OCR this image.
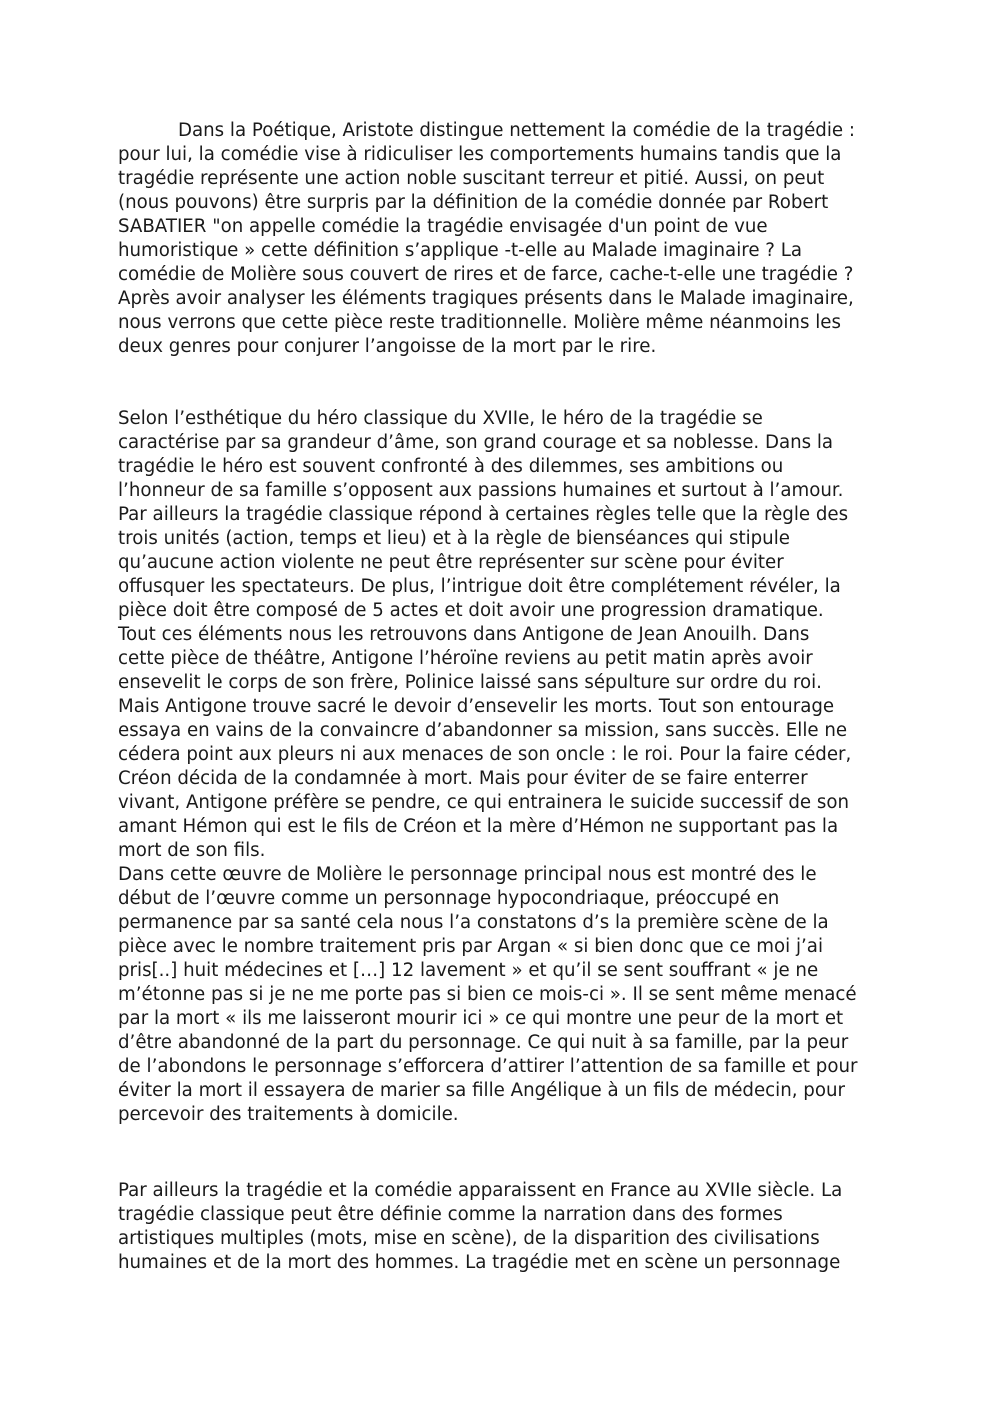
Dans la Poétique, Aristote distingue nettement la comédie de la tragédie :
pour lui, la comédie vise à ridiculiser les comportements humains tandis que la
tragédie représente une action noble suscitant terreur et pitié. Aussi, on peut
(nous pouvons) être surpris par la définition de la comédie donnée par Robert
SABATIER "on appelle comédie la tragédie envisagée d'un point de vue
humoristique » cette définition s’applique -t-elle au Malade imaginaire ? La
comédie de Molière sous couvert de rires et de farce, cache-t-elle une tragédie ?
Après avoir analyser les éléments tragiques présents dans le Malade imaginaire,
nous verrons que cette pièce reste traditionnelle. Molière même néanmoins les
deux genres pour conjurer l’angoisse de la mort par le rire.

Selon l’esthétique du héro classique du XVIIe, le héro de la tragédie se
caractérise par sa grandeur d’âme, son grand courage et sa noblesse. Dans la
tragédie le héro est souvent confronté à des dilemmes, ses ambitions ou
l’honneur de sa famille s’opposent aux passions humaines et surtout à l’amour.
Par ailleurs la tragédie classique répond à certaines règles telle que la règle des
trois unités (action, temps et lieu) et à la règle de bienséances qui stipule
qu’aucune action violente ne peut être représenter sur scène pour éviter
offusquer les spectateurs. De plus, l’intrigue doit être complétement révéler, la
pièce doit être composé de 5 actes et doit avoir une progression dramatique.
Tout ces éléments nous les retrouvons dans Antigone de Jean Anouilh. Dans
cette pièce de théâtre, Antigone l’héroïne reviens au petit matin après avoir
ensevelit le corps de son frère, Polinice laissé sans sépulture sur ordre du roi.
Mais Antigone trouve sacré le devoir d’ensevelir les morts. Tout son entourage
essaya en vains de la convaincre d’abandonner sa mission, sans succès. Elle ne
cédera point aux pleurs ni aux menaces de son oncle : le roi. Pour la faire céder,
Créon décida de la condamnée à mort. Mais pour éviter de se faire enterrer
vivant, Antigone préfère se pendre, ce qui entrainera le suicide successif de son
amant Hémon qui est le fils de Créon et la mère d’Hémon ne supportant pas la
mort de son fils.

Dans cette œuvre de Molière le personnage principal nous est montré des le
début de l’œuvre comme un personnage hypocondriaque, préoccupé en
permanence par sa santé cela nous l’a constatons d’s la première scène de la
pièce avec le nombre traitement pris par Argan « si bien donc que ce moi j’ai
pris[..] huit médecines et […] 12 lavement » et qu’il se sent souffrant « je ne
m’étonne pas si je ne me porte pas si bien ce mois-ci ». Il se sent même menacé
par la mort « ils me laisseront mourir ici » ce qui montre une peur de la mort et
d’être abandonné de la part du personnage. Ce qui nuit à sa famille, par la peur
de l’abondons le personnage s’efforcera d’attirer l’attention de sa famille et pour
éviter la mort il essayera de marier sa fille Angélique à un fils de médecin, pour
percevoir des traitements à domicile.

Par ailleurs la tragédie et la comédie apparaissent en France au XVIIe siècle. La
tragédie classique peut être définie comme la narration dans des formes
artistiques multiples (mots, mise en scène), de la disparition des civilisations
humaines et de la mort des hommes. La tragédie met en scène un personnage
